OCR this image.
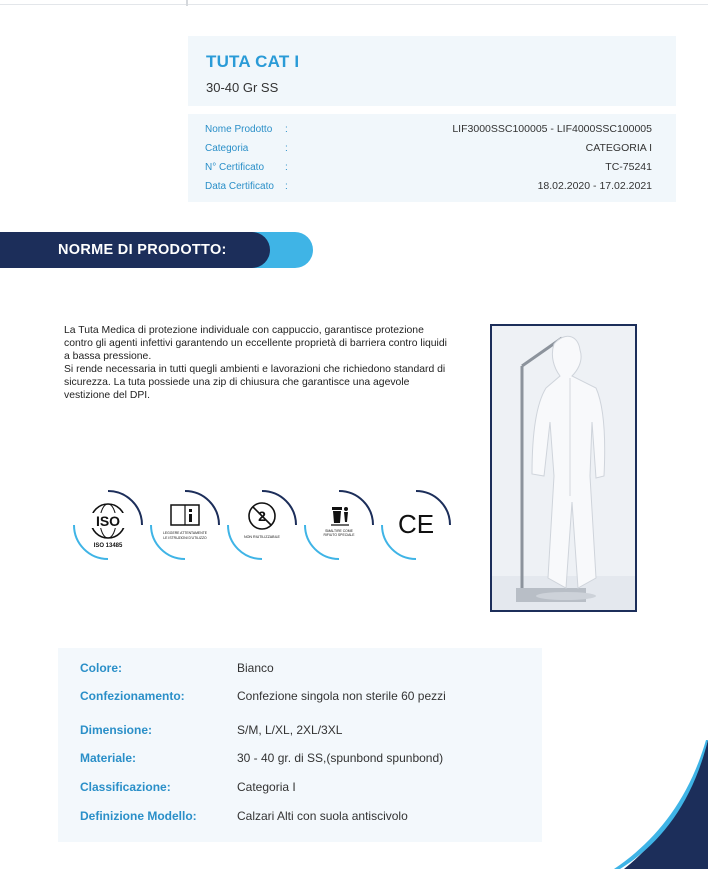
TUTA CAT I
30-40 Gr SS
Nome Prodotto :	LIF3000SSC100005 - LIF4000SSC100005
Categoria	:	CATEGORIA I
N° Certificato :	TC-75241
Data Certificato :	18.02.2020 - 17.02.2021
NORME DI PRODOTTO:

La Tuta Medica di protezione individuale con cappuccio, garantisce protezione contro gli agenti infettivi garantendo un eccellente proprietà di barriera contro liquidi a bassa pressione.

Si rende necessaria in tutti quegli ambienti e lavorazioni che richiedono standard di sicurezza. La tuta possiede una zip di chiusura che garantisce una agevole vestizione del DPI.

ISO
ISO 13485
LEGGERE ATTENTAMENTE
LE ISTRUZIONI D'UTILIZZO
2
NON RIUTILIZZABILE
SMALTIRE COME
RIFIUTO SPECIALE CE
Colore:	Bianco
Confezionamento:	Confezione singola non sterile 60 pezzi
Dimensione:	S/M, L/XL, 2XL/3XL
Materiale:	30 - 40 gr. di SS,(spunbond spunbond)
Classificazione:	Categoria I
Definizione Modello:	Calzari Alti con suola antiscivolo
